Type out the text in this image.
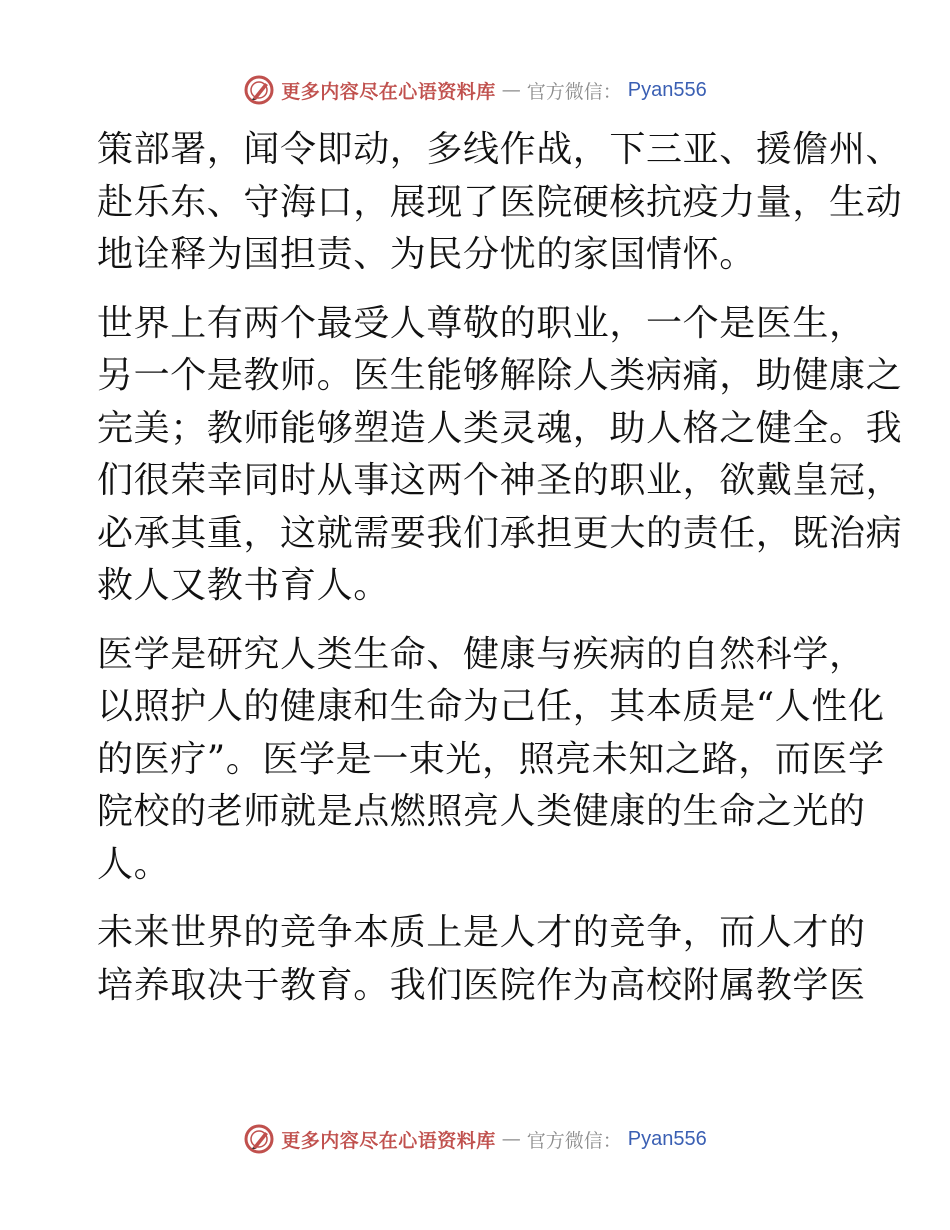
更多内容尽在心语资料库 — 官方微信： Pyan556

策部署，闻令即动，多线作战，下三亚、援儋州、
赴乐东、守海口，展现了医院硬核抗疫力量，生动
地诠释为国担责、为民分忧的家国情怀。

世界上有两个最受人尊敬的职业，一个是医生，
另一个是教师。医生能够解除人类病痛，助健康之
完美；教师能够塑造人类灵魂，助人格之健全。我
们很荣幸同时从事这两个神圣的职业，欲戴皇冠，
必承其重，这就需要我们承担更大的责任，既治病
救人又教书育人。

医学是研究人类生命、健康与疾病的自然科学，
以照护人的健康和生命为己任，其本质是“人性化
的医疗”。医学是一束光，照亮未知之路，而医学
院校的老师就是点燃照亮人类健康的生命之光的
人。

未来世界的竞争本质上是人才的竞争，而人才的
培养取决于教育。我们医院作为高校附属教学医

更多内容尽在心语资料库 — 官方微信： Pyan556
